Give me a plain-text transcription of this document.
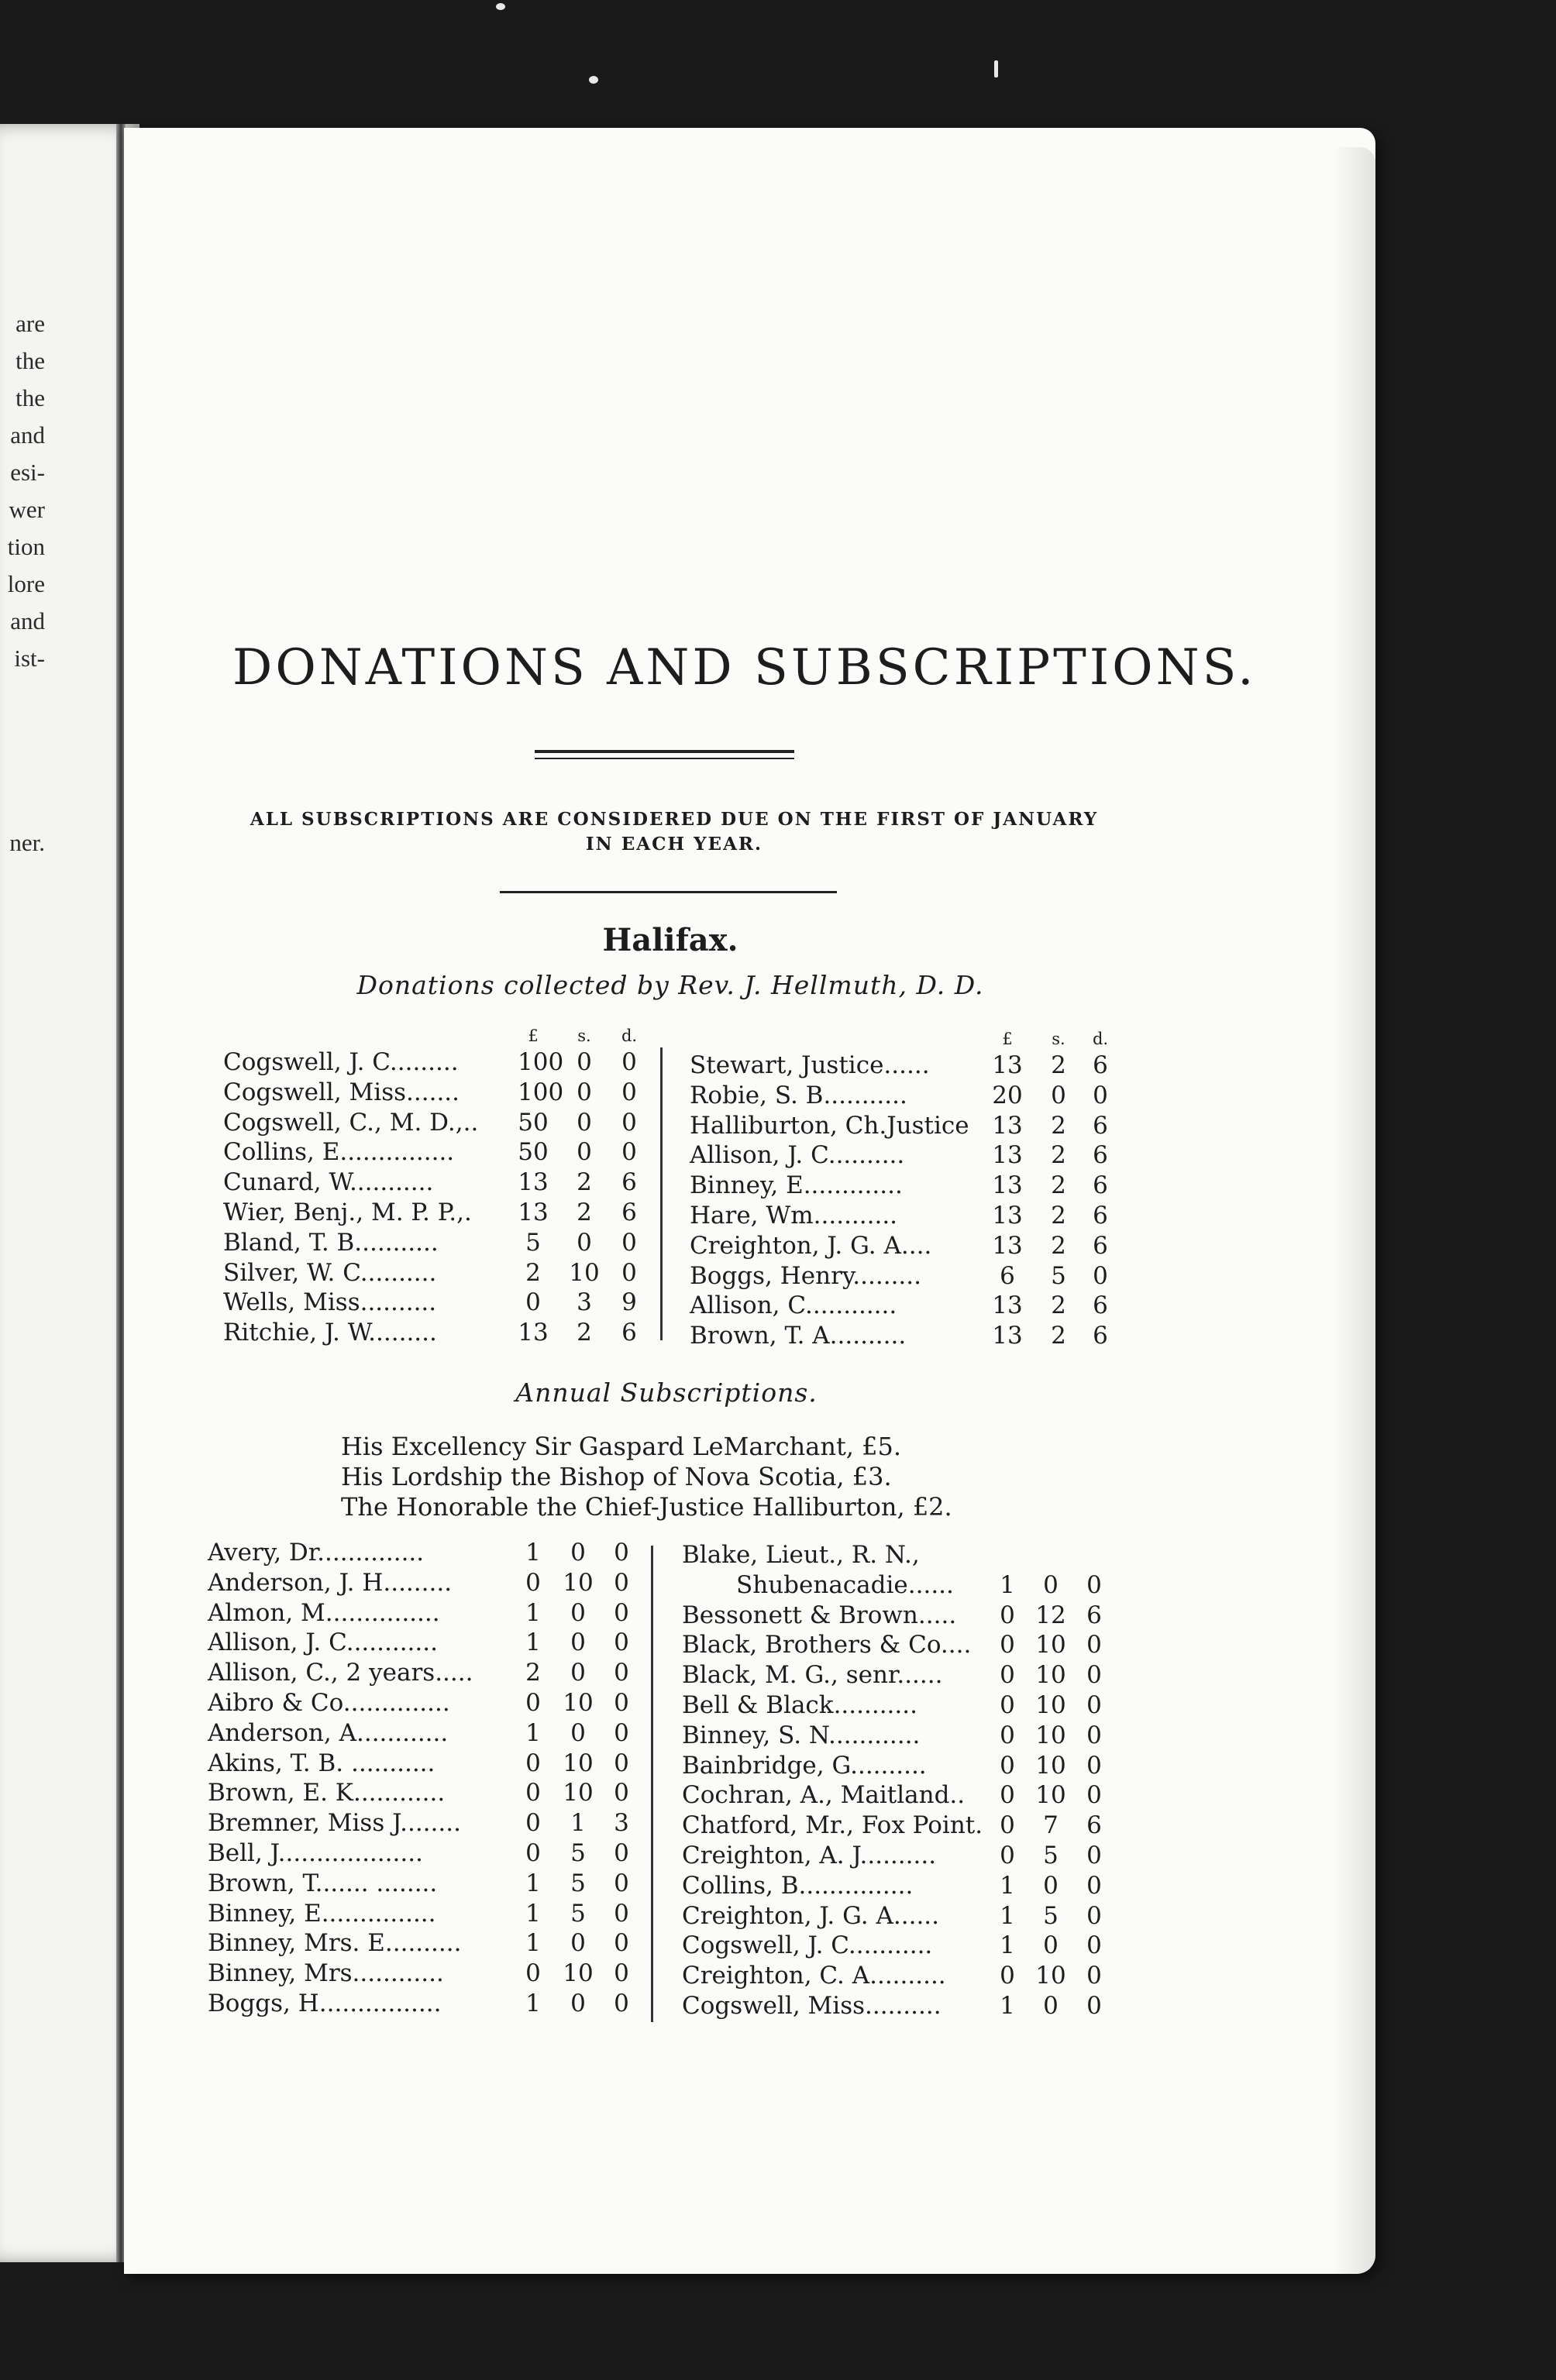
are
the
the
and
esi-
wer
tion
lore
and
ist-
ner.
DONATIONS AND SUBSCRIPTIONS.
ALL SUBSCRIPTIONS ARE CONSIDERED DUE ON THE FIRST OF JANUARY
IN EACH YEAR.
Halifax.
Donations collected by Rev. J. Hellmuth, D. D.
£	s.	d.
Cogswell, J. C......... 100 0	0
Cogswell, Miss....... 100 0	0
Cogswell, C., M. D.,.. 50	0	0
Collins, E...............	50	0	0
Cunard, W...........	13	2	6
Wier, Benj., M. P. P.,. 13	2	6
Bland, T. B...........	5	0	0
Silver, W. C..........	2	10 0
Wells, Miss..........	0	3	9
Ritchie, J. W.........	13	2	6
£	s.	d.
Stewart, Justice......	13	2	6
Robie, S. B...........	20	0	0
Halliburton, Ch.Justice 13	2	6
Allison, J. C..........	13	2	6
Binney, E.............	13	2	6
Hare, Wm...........	13	2	6
Creighton, J. G. A....	13	2	6
Boggs, Henry.........	6	5	0
Allison, C............	13	2	6
Brown, T. A..........	13	2	6
Annual Subscriptions.
His Excellency Sir Gaspard LeMarchant, £5.
His Lordship the Bishop of Nova Scotia, £3.
The Honorable the Chief-Justice Halliburton, £2.
Avery, Dr..............	1	0	0
Anderson, J. H.........	0 10 0
Almon, M...............	1	0	0
Allison, J. C............	1	0	0
Allison, C., 2 years.....	2	0	0
Aibro & Co..............	0 10 0
Anderson, A............	1	0	0
Akins, T. B. ...........	0 10 0
Brown, E. K............	0 10 0
Bremner, Miss J........	0	1	3
Bell, J...................	0	5	0
Brown, T....... ........	1	5	0
Binney, E...............	1	5	0
Binney, Mrs. E..........	1	0	0
Binney, Mrs............	0 10 0
Boggs, H................	1	0	0
Blake, Lieut., R. N.,
Shubenacadie......	1	0	0
Bessonett & Brown.....	0 12 6
Black, Brothers & Co....	0 10 0
Black, M. G., senr......	0 10 0
Bell & Black...........	0 10 0
Binney, S. N............	0 10 0
Bainbridge, G..........	0 10 0
Cochran, A., Maitland..	0 10 0
Chatford, Mr., Fox Point. 0	7	6
Creighton, A. J..........	0	5	0
Collins, B...............	1	0	0
Creighton, J. G. A......	1	5	0
Cogswell, J. C...........	1	0	0
Creighton, C. A..........	0 10 0
Cogswell, Miss..........	1	0	0
